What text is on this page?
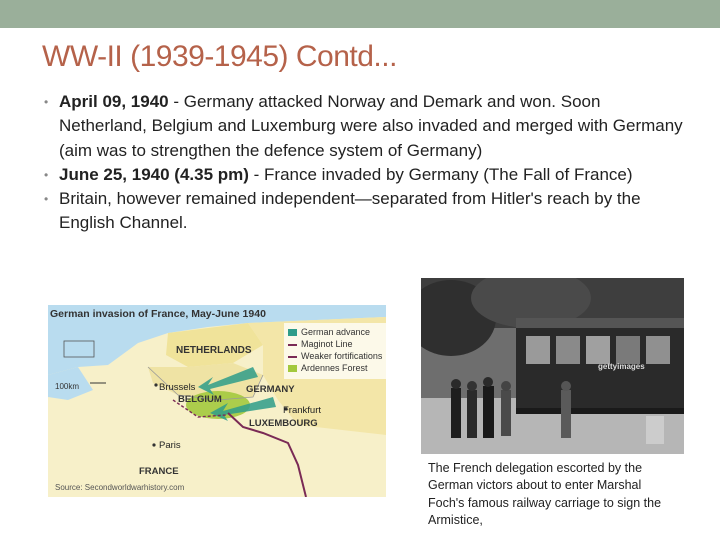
WW-II (1939-1945) Contd...
• April 09, 1940 - Germany attacked Norway and Demark and won. Soon Netherland, Belgium and Luxemburg were also invaded and merged with Germany (aim was to strengthen the defence system of Germany)
• June 25, 1940 (4.35 pm) - France invaded by Germany (The Fall of France)
• Britain, however remained independent—separated from Hitler's reach by the English Channel.
German invasion of France, May-June 1940
German advance
Maginot Line
Weaker fortifications
Ardennes Forest
NETHERLANDS
Brussels
BELGIUM
GERMANY
Frankfurt
LUXEMBOURG
Paris
FRANCE
100km
Source: Secondworldwarhistory.com
gettyimages
The French delegation escorted by the German victors about to enter Marshal Foch's famous railway carriage to sign the Armistice,
